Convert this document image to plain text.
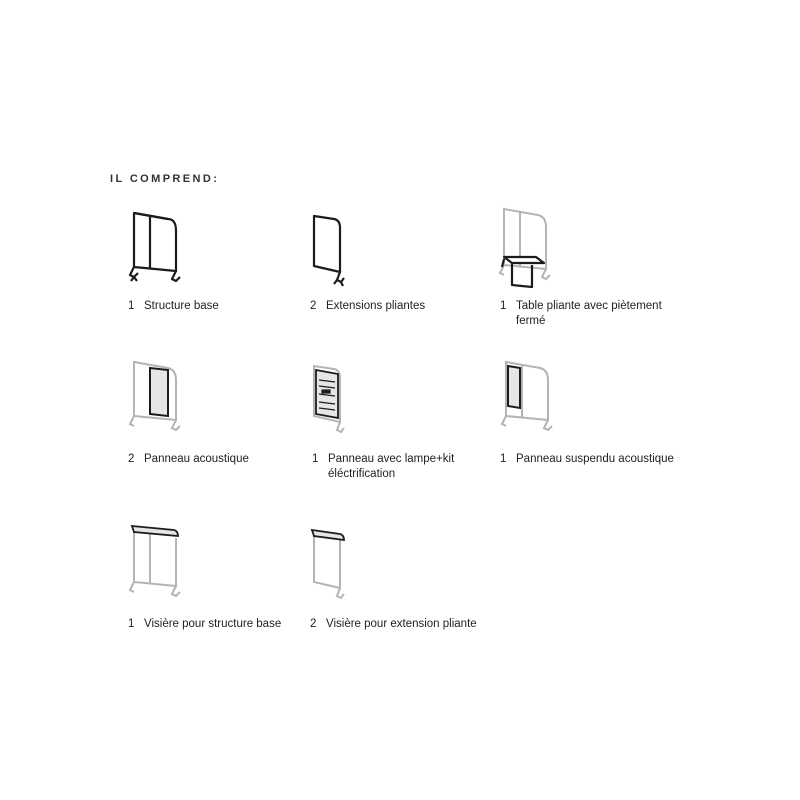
IL COMPREND:
1 Structure base	2 Extensions pliantes	1 Table pliante avec piètement
fermé
2 Panneau acoustique	1 Panneau avec lampe+kit
éléctrification
1 Panneau suspendu acoustique
1 Visière pour structure base	2 Visière pour extension pliante
